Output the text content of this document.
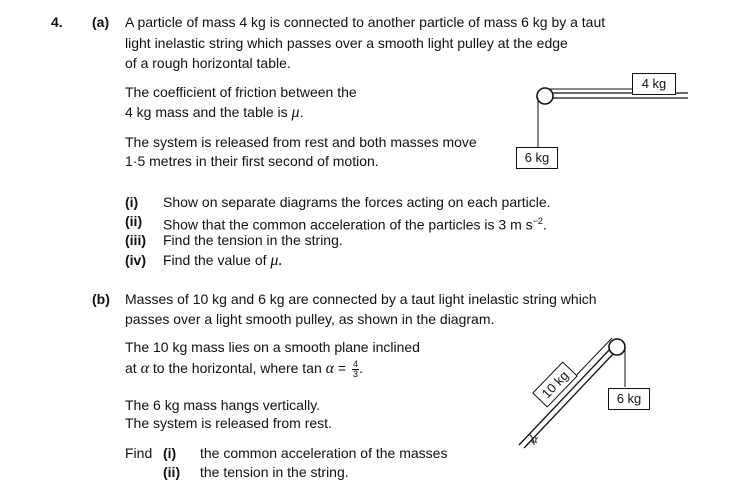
4. (a) A particle of mass 4 kg is connected to another particle of mass 6 kg by a taut
light inelastic string which passes over a smooth light pulley at the edge
of a rough horizontal table.
The coefficient of friction between the
4 kg mass and the table is μ.
The system is released from rest and both masses move
1·5 metres in their first second of motion.
(i) Show on separate diagrams the forces acting on each particle.
(ii) Show that the common acceleration of the particles is 3 m $s^{-2}$.
(iii) Find the tension in the string.
(iv) Find the value of μ.
(b) Masses of 10 kg and 6 kg are connected by a taut light inelastic string which
passes over a light smooth pulley, as shown in the diagram.
The 10 kg mass lies on a smooth plane inclined
at α to the horizontal, where $\tan \alpha = \frac{4}{3}$ .
The 6 kg mass hangs vertically.
The system is released from rest.
Find (i) the common acceleration of the masses
(ii) the tension in the string.
4 kg
6 kg
10 kg	6 kg
α
